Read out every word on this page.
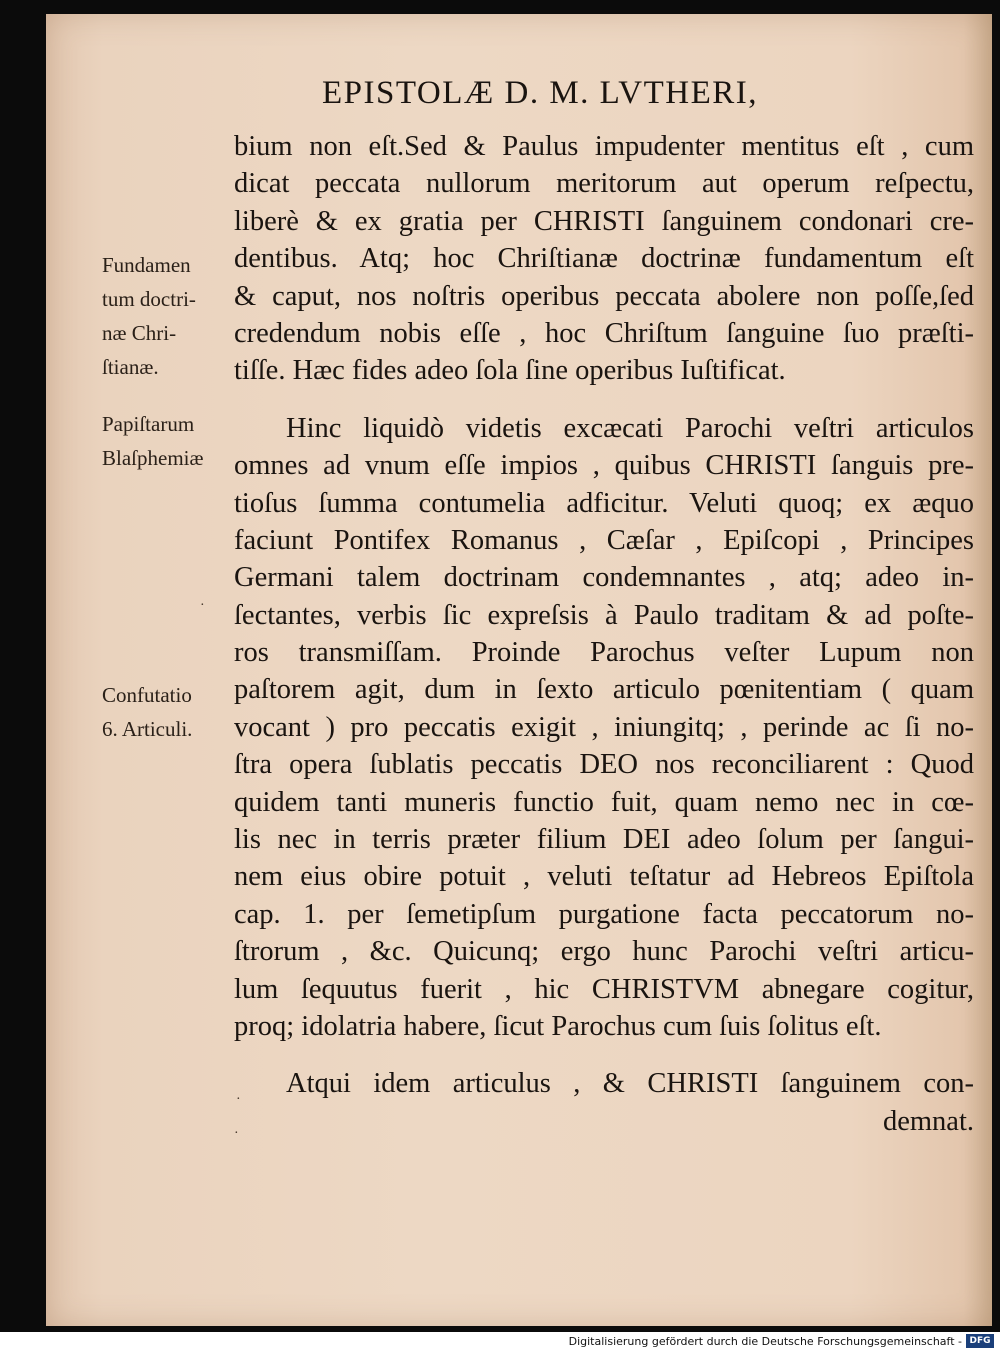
EPISTOLÆ D. M. LVTHERI,
Fundamen
tum doctri-
næ Chri-
ſtianæ.
Papiſtarum
Blaſphemiæ
Confutatio
6. Articuli.
bium non eſt.Sed & Paulus impudenter mentitus eſt , cum
dicat peccata nullorum meritorum aut operum reſpectu,
liberè & ex gratia per CHRISTI ſanguinem condonari cre-
dentibus. Atq; hoc Chriſtianæ doctrinæ fundamentum eſt
& caput, nos noſtris operibus peccata abolere non poſſe,ſed
credendum nobis eſſe , hoc Chriſtum ſanguine ſuo præſti-
tiſſe. Hæc fides adeo ſola ſine operibus Iuſtificat.
Hinc liquidò videtis excæcati Parochi veſtri articulos
omnes ad vnum eſſe impios , quibus CHRISTI ſanguis pre-
tioſus ſumma contumelia adficitur. Veluti quoq; ex æquo
faciunt Pontifex Romanus , Cæſar , Epiſcopi , Principes
Germani talem doctrinam condemnantes , atq; adeo in-
ſectantes, verbis ſic expreſsis à Paulo traditam & ad poſte-
ros transmiſſam. Proinde Parochus veſter Lupum non
paſtorem agit, dum in ſexto articulo pœnitentiam ( quam
vocant ) pro peccatis exigit , iniungitq; , perinde ac ſi no-
ſtra opera ſublatis peccatis DEO nos reconciliarent : Quod
quidem tanti muneris functio fuit, quam nemo nec in cœ-
lis nec in terris præter filium DEI adeo ſolum per ſangui-
nem eius obire potuit , veluti teſtatur ad Hebreos Epiſtola
cap. 1. per ſemetipſum purgatione facta peccatorum no-
ſtrorum , &c. Quicunq; ergo hunc Parochi veſtri articu-
lum ſequutus fuerit , hic CHRISTVM abnegare cogitur,
proq; idolatria habere, ſicut Parochus cum ſuis ſolitus eſt.
Atqui idem articulus , & CHRISTI ſanguinem con-
demnat.
·
·
·
Digitalisierung gefördert durch die Deutsche Forschungsgemeinschaft - DFG
